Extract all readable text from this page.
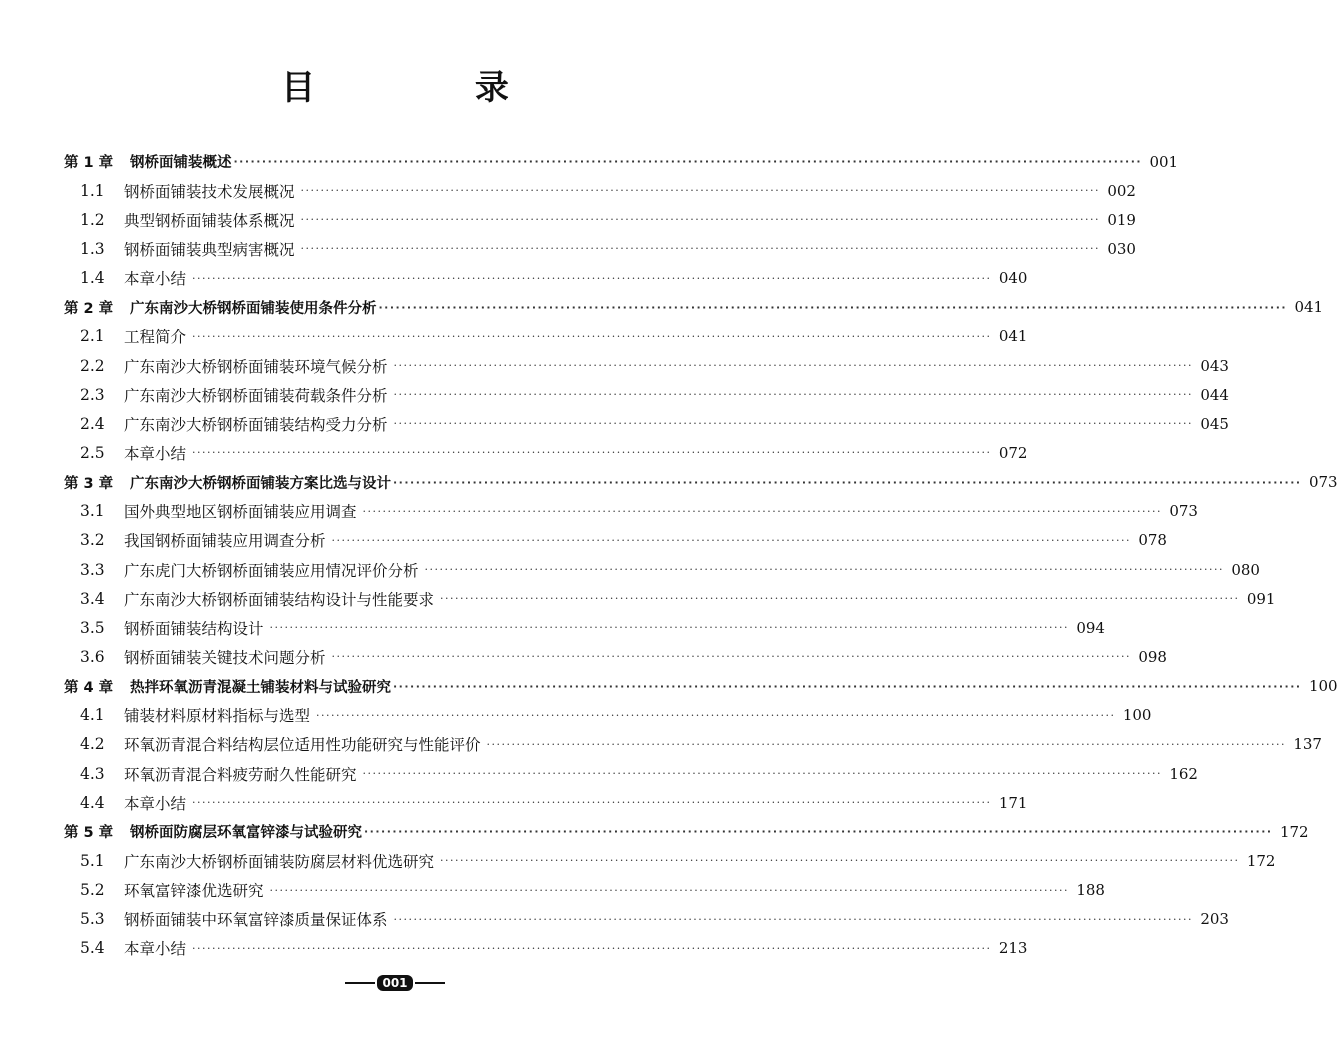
目 录
第 1 章	钢桥面铺装概述 ································································································································································ 001
1.1	钢桥面铺装技术发展概况 ································································································································································ 002
1.2	典型钢桥面铺装体系概况 ································································································································································ 019
1.3	钢桥面铺装典型病害概况 ································································································································································ 030
1.4	本章小结 ································································································································································ 040
第 2 章	广东南沙大桥钢桥面铺装使用条件分析 ································································································································································ 041
2.1	工程简介 ································································································································································ 041
2.2	广东南沙大桥钢桥面铺装环境气候分析 ································································································································································ 043
2.3	广东南沙大桥钢桥面铺装荷载条件分析 ································································································································································ 044
2.4	广东南沙大桥钢桥面铺装结构受力分析 ································································································································································ 045
2.5	本章小结 ································································································································································ 072
第 3 章	广东南沙大桥钢桥面铺装方案比选与设计 ································································································································································ 073
3.1	国外典型地区钢桥面铺装应用调查 ································································································································································ 073
3.2	我国钢桥面铺装应用调查分析 ································································································································································ 078
3.3	广东虎门大桥钢桥面铺装应用情况评价分析 ································································································································································ 080
3.4	广东南沙大桥钢桥面铺装结构设计与性能要求 ································································································································································ 091
3.5	钢桥面铺装结构设计 ································································································································································ 094
3.6	钢桥面铺装关键技术问题分析 ································································································································································ 098
第 4 章	热拌环氧沥青混凝土铺装材料与试验研究 ································································································································································ 100
4.1	铺装材料原材料指标与选型 ································································································································································ 100
4.2	环氧沥青混合料结构层位适用性功能研究与性能评价 ································································································································································ 137
4.3	环氧沥青混合料疲劳耐久性能研究 ································································································································································ 162
4.4	本章小结 ································································································································································ 171
第 5 章	钢桥面防腐层环氧富锌漆与试验研究 ································································································································································ 172
5.1	广东南沙大桥钢桥面铺装防腐层材料优选研究 ································································································································································ 172
5.2	环氧富锌漆优选研究 ································································································································································ 188
5.3	钢桥面铺装中环氧富锌漆质量保证体系 ································································································································································ 203
5.4	本章小结 ································································································································································ 213
001
